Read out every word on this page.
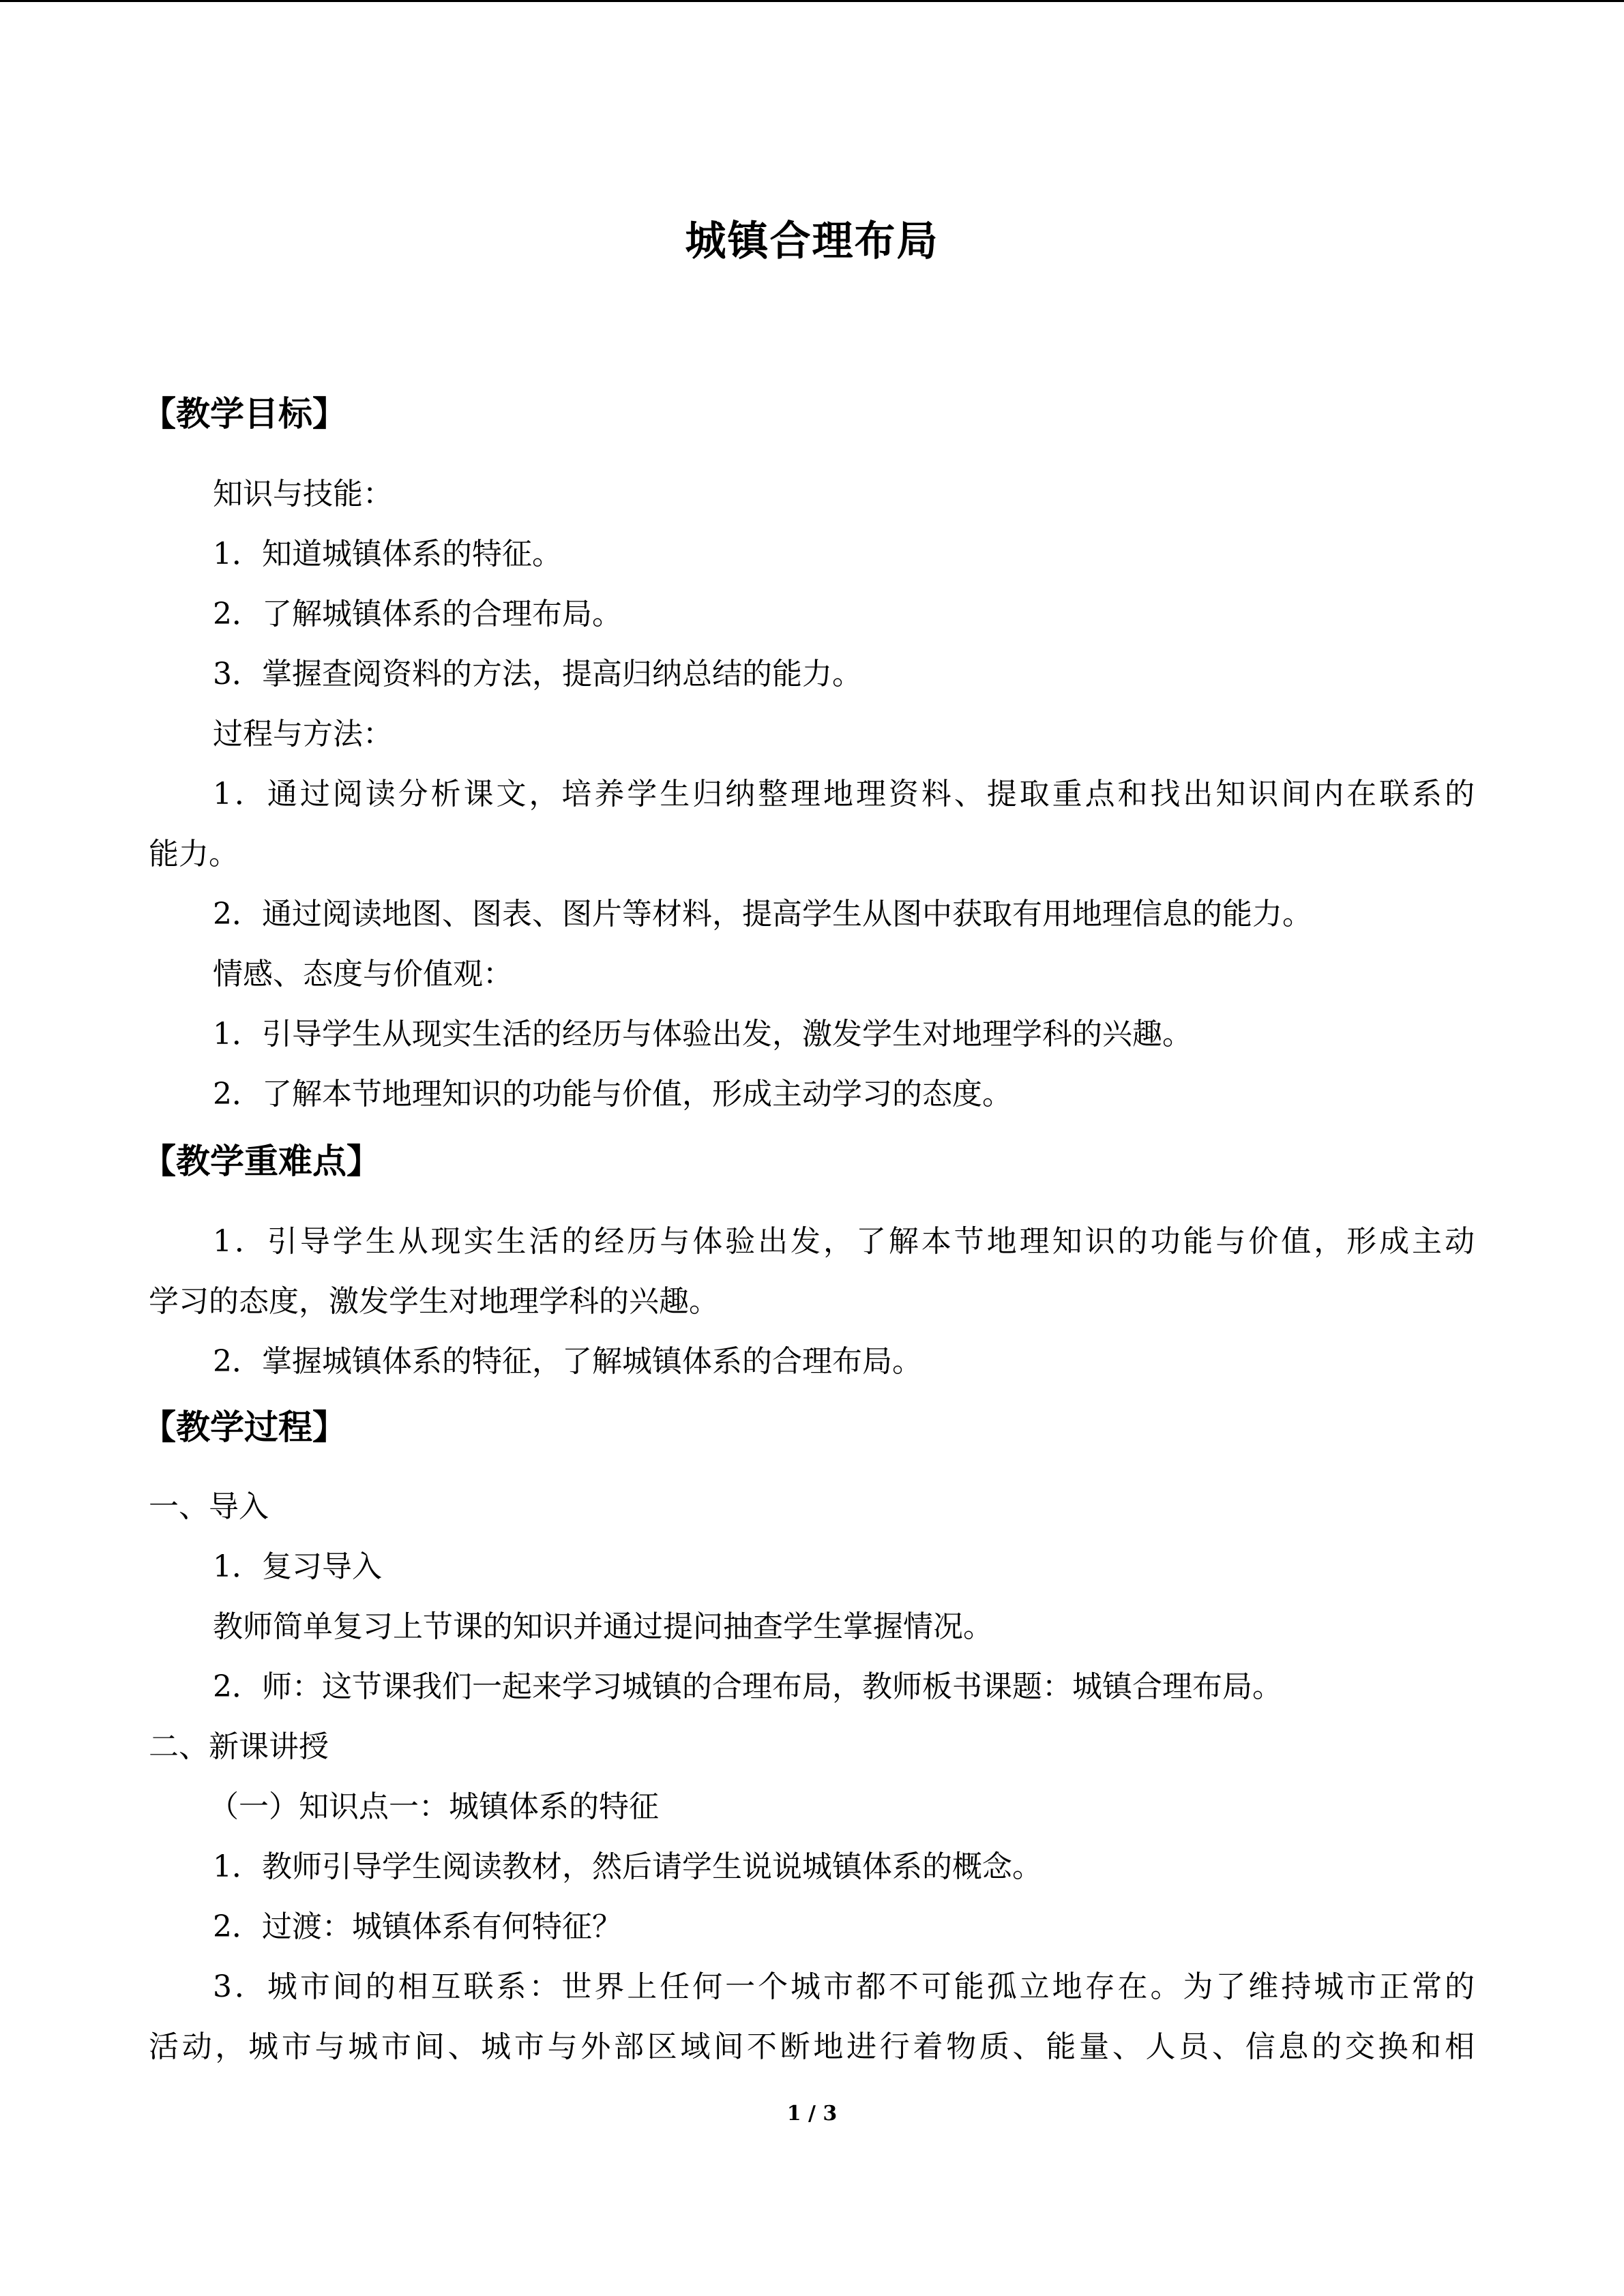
城镇合理布局
【教学目标】
知识与技能：
1．知道城镇体系的特征。
2．了解城镇体系的合理布局。
3．掌握查阅资料的方法，提高归纳总结的能力。
过程与方法：
1．通过阅读分析课文，培养学生归纳整理地理资料、提取重点和找出知识间内在联系的
能力。
2．通过阅读地图、图表、图片等材料，提高学生从图中获取有用地理信息的能力。
情感、态度与价值观：
1．引导学生从现实生活的经历与体验出发，激发学生对地理学科的兴趣。
2．了解本节地理知识的功能与价值，形成主动学习的态度。
【教学重难点】
1．引导学生从现实生活的经历与体验出发，了解本节地理知识的功能与价值，形成主动
学习的态度，激发学生对地理学科的兴趣。
2．掌握城镇体系的特征，了解城镇体系的合理布局。
【教学过程】
一、导入
1．复习导入
教师简单复习上节课的知识并通过提问抽查学生掌握情况。
2．师：这节课我们一起来学习城镇的合理布局，教师板书课题：城镇合理布局。
二、新课讲授
（一）知识点一：城镇体系的特征
1．教师引导学生阅读教材，然后请学生说说城镇体系的概念。
2．过渡：城镇体系有何特征？
3．城市间的相互联系：世界上任何一个城市都不可能孤立地存在。为了维持城市正常的
活动，城市与城市间、城市与外部区域间不断地进行着物质、能量、人员、信息的交换和相
1 / 3
